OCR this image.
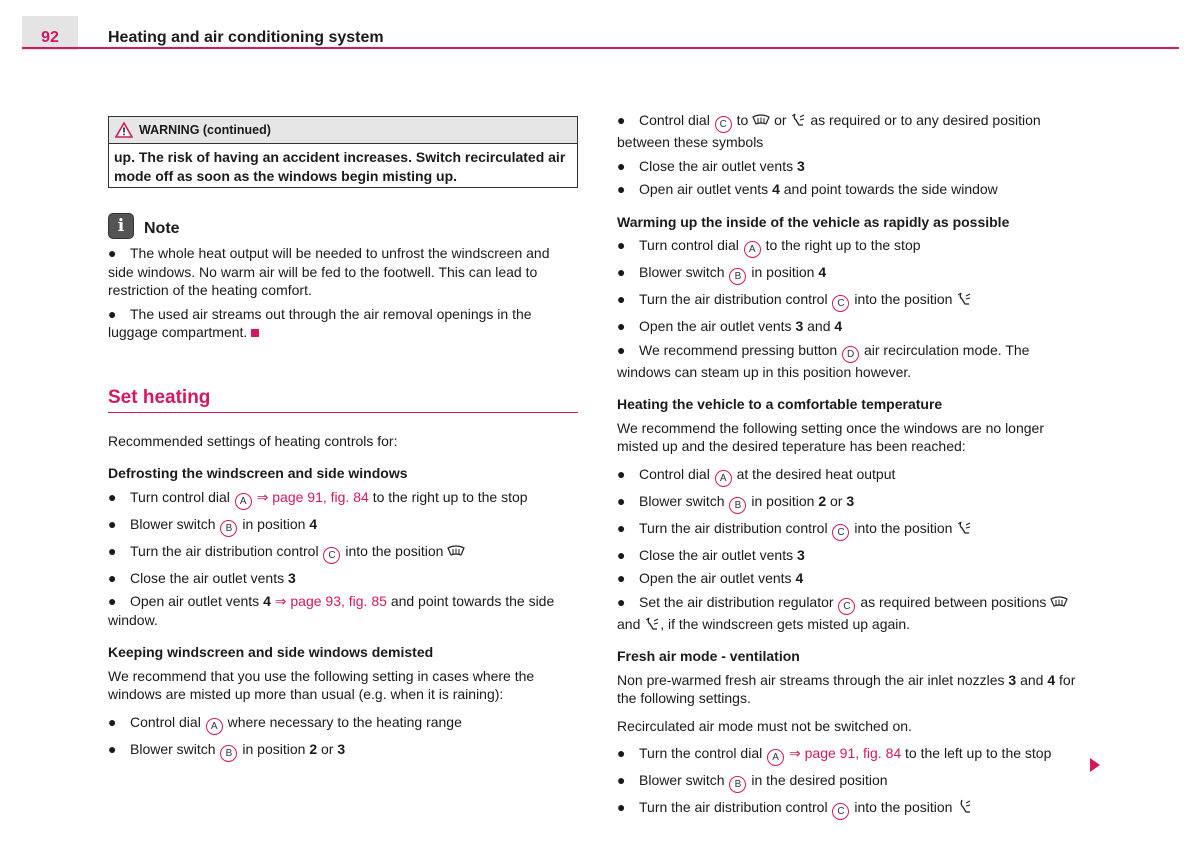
92	Heating and air conditioning system
WARNING (continued)
up. The risk of having an accident increases. Switch recirculated air mode off as soon as the windows begin misting up.
i	Note

● The whole heat output will be needed to unfrost the windscreen and side windows. No warm air will be fed to the footwell. This can lead to restriction of the heating comfort.

● The used air streams out through the air removal openings in the luggage compartment.

Set heating

Recommended settings of heating controls for:

Defrosting the windscreen and side windows

● Turn control dial A ⇒ page 91, fig. 84 to the right up to the stop

● Blower switch B in position 4

● Turn the air distribution control C into the position

● Close the air outlet vents 3

● Open air outlet vents 4 ⇒ page 93, fig. 85 and point towards the side window.

Keeping windscreen and side windows demisted

We recommend that you use the following setting in cases where the windows are misted up more than usual (e.g. when it is raining):

● Control dial A where necessary to the heating range

● Blower switch B in position 2 or 3

● Control dial C to or as required or to any desired position between these symbols

● Close the air outlet vents 3

● Open air outlet vents 4 and point towards the side window

Warming up the inside of the vehicle as rapidly as possible

● Turn control dial A to the right up to the stop

● Blower switch B in position 4

● Turn the air distribution control C into the position

● Open the air outlet vents 3 and 4

● We recommend pressing button D air recirculation mode. The windows can steam up in this position however.

Heating the vehicle to a comfortable temperature

We recommend the following setting once the windows are no longer misted up and the desired teperature has been reached:

● Control dial A at the desired heat output

● Blower switch B in position 2 or 3

● Turn the air distribution control C into the position

● Close the air outlet vents 3

● Open the air outlet vents 4

● Set the air distribution regulator C as required between positions  and , if the windscreen gets misted up again.

Fresh air mode - ventilation

Non pre-warmed fresh air streams through the air inlet nozzles 3 and 4 for the following settings.

Recirculated air mode must not be switched on.

● Turn the control dial A ⇒ page 91, fig. 84 to the left up to the stop

● Blower switch B in the desired position

● Turn the air distribution control C into the position
